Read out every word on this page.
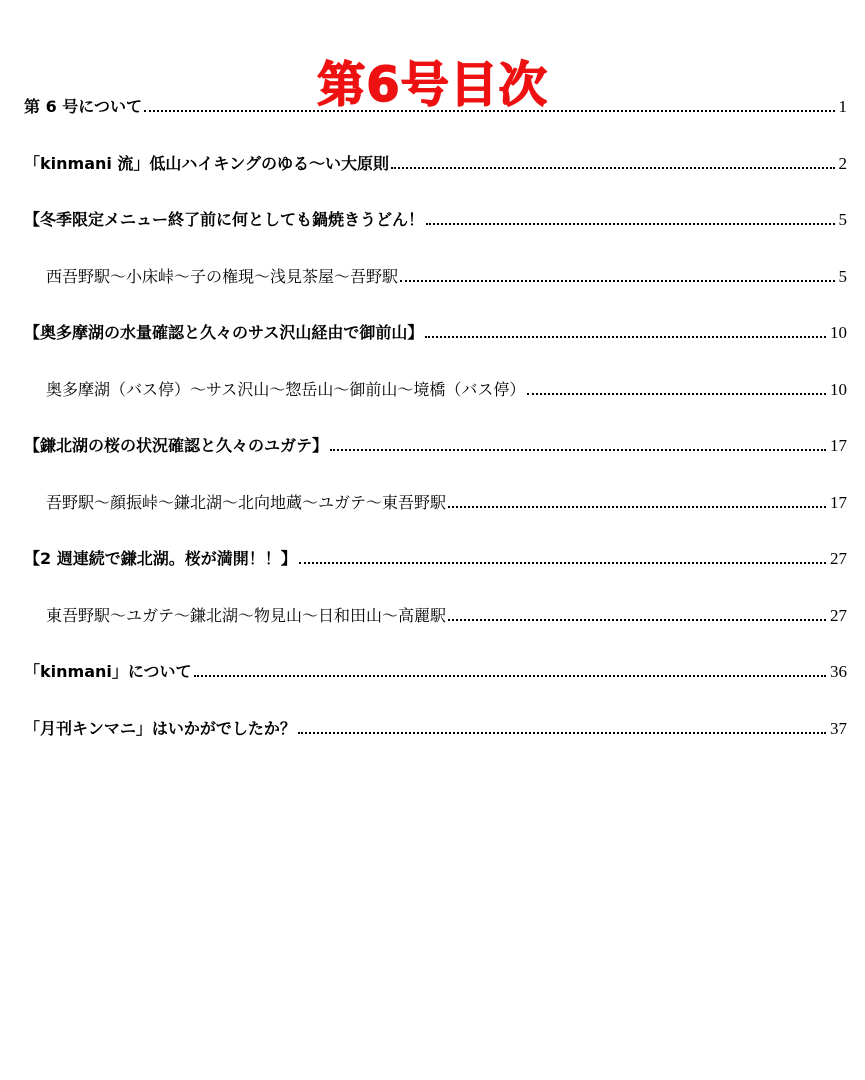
第6号目次
第 6 号について	1
「kinmani 流」低山ハイキングのゆる～い大原則	2
【冬季限定メニュー終了前に何としても鍋焼きうどん！	5
西吾野駅～小床峠～子の権現～浅見茶屋～吾野駅	5
【奥多摩湖の水量確認と久々のサス沢山経由で御前山】	10
奥多摩湖（バス停）～サス沢山～惣岳山～御前山～境橋（バス停）	10
【鎌北湖の桜の状況確認と久々のユガテ】	17
吾野駅～顔振峠～鎌北湖～北向地蔵～ユガテ～東吾野駅	17
【2 週連続で鎌北湖。桜が満開！！】	27
東吾野駅～ユガテ～鎌北湖～物見山～日和田山～高麗駅	27
「kinmani」について	36
「月刊キンマニ」はいかがでしたか？	37
